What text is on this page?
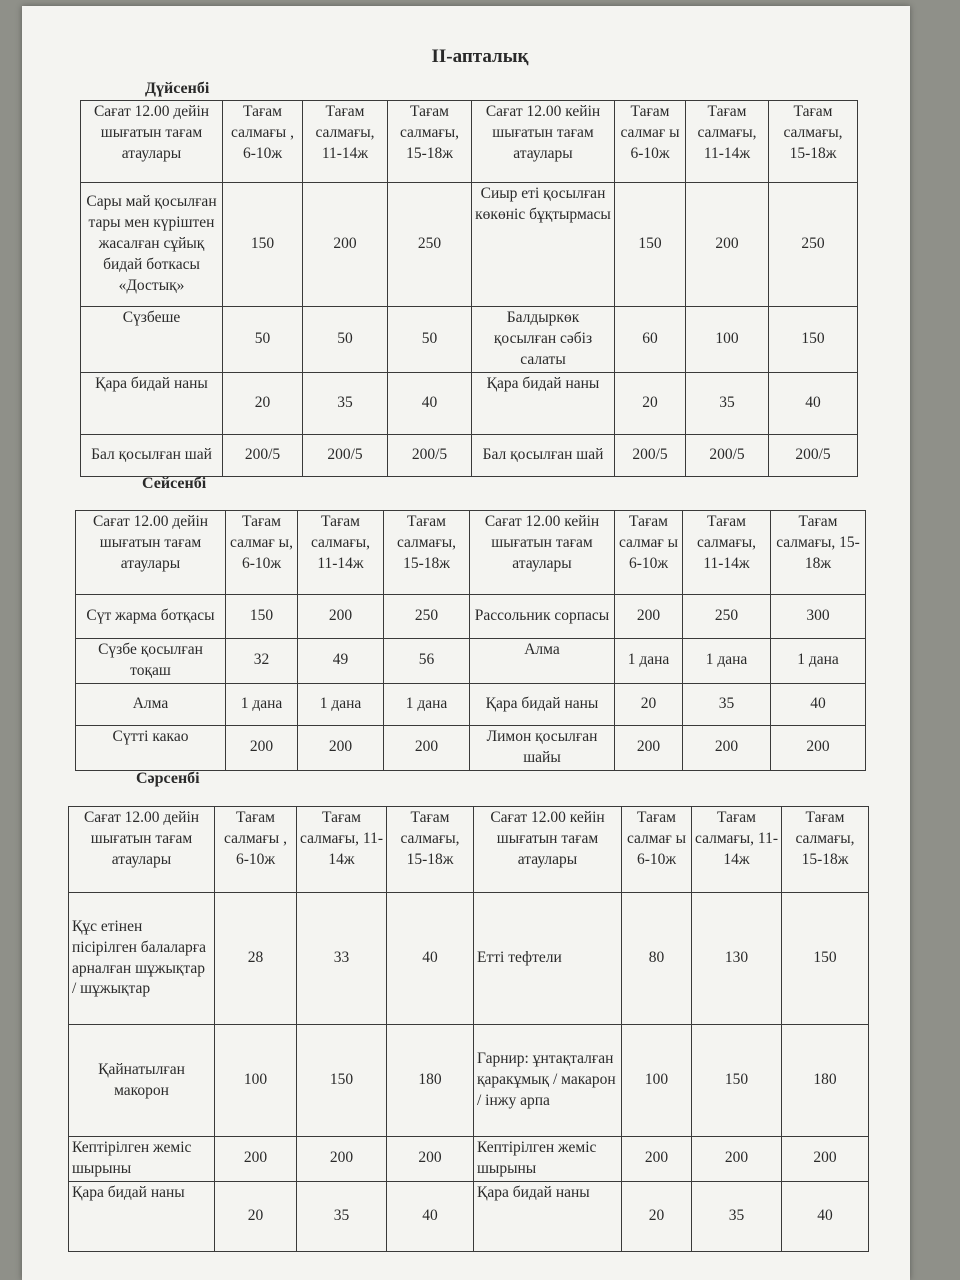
II-апталық
Дүйсенбі
Сағат 12.00 дейін шығатын тағам атаулары	Тағам салмағы , 6-10ж	Тағам салмағы, 11-14ж	Тағам салмағы, 15-18ж	Сағат 12.00 кейін шығатын тағам атаулары	Тағам салмағ ы 6-10ж	Тағам салмағы, 11-14ж	Тағам салмағы, 15-18ж
Сары май қосылған тары мен күріштен жасалған сұйық бидай боткасы «Достық»	150	200	250	Сиыр еті қосылған көкөніс бұқтырмасы	150	200	250
Сүзбеше	50	50	50	Балдыркөк қосылған сәбіз салаты	60	100	150
Қара бидай наны	20	35	40	Қара бидай наны	20	35	40
Бал қосылған шай	200/5	200/5	200/5	Бал қосылған шай	200/5	200/5	200/5
Сейсенбі
Сағат 12.00 дейін шығатын тағам атаулары	Тағам салмағ ы, 6-10ж	Тағам салмағы, 11-14ж	Тағам салмағы, 15-18ж	Сағат 12.00 кейін шығатын тағам атаулары	Тағам салмағ ы 6-10ж	Тағам салмағы, 11-14ж	Тағам салмағы, 15-18ж
Сүт жарма ботқасы	150	200	250	Рассольник сорпасы	200	250	300
Сүзбе қосылған тоқаш	32	49	56	Алма	1 дана	1 дана	1 дана
Алма	1 дана	1 дана	1 дана	Қара бидай наны	20	35	40
Сүтті какао	200	200	200	Лимон қосылған шайы	200	200	200
Сәрсенбі
Сағат 12.00 дейін шығатын тағам атаулары	Тағам салмағы , 6-10ж	Тағам салмағы, 11-14ж	Тағам салмағы, 15-18ж	Сағат 12.00 кейін шығатын тағам атаулары	Тағам салмағ ы 6-10ж	Тағам салмағы, 11-14ж	Тағам салмағы, 15-18ж
Құс етінен пісірілген балаларға арналған шұжықтар / шұжықтар	28	33	40	Етті тефтели	80	130	150
Қайнатылған макорон	100	150	180	Гарнир: ұнтақталған қаракұмық / макарон / інжу арпа	100	150	180
Кептірілген жеміс шырыны	200	200	200	Кептірілген жеміс шырыны	200	200	200
Қара бидай наны	20	35	40	Қара бидай наны	20	35	40
